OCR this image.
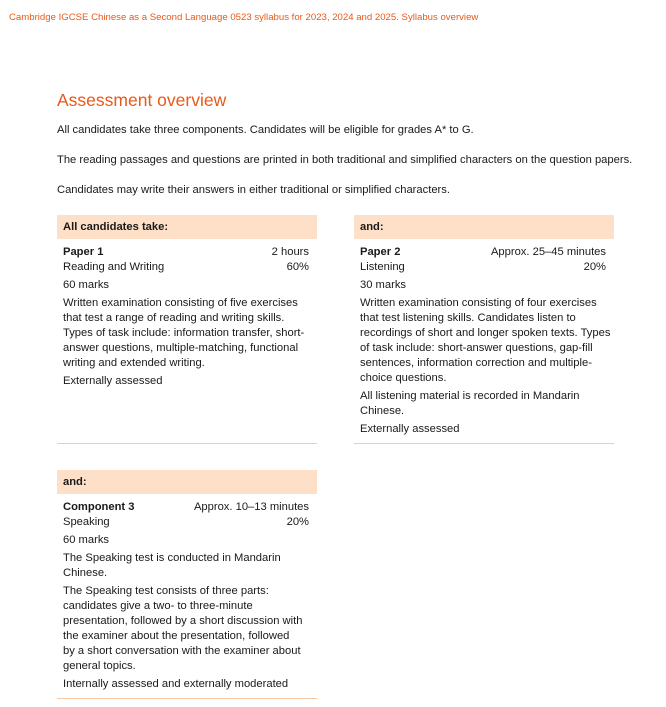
Cambridge IGCSE Chinese as a Second Language 0523 syllabus for 2023, 2024 and 2025. Syllabus overview
Assessment overview

All candidates take three components. Candidates will be eligible for grades A* to G.

The reading passages and questions are printed in both traditional and simplified characters on the question papers.

Candidates may write their answers in either traditional or simplified characters.

All candidates take:
Paper 1	2 hours
Reading and Writing	60%
60 marks
Written examination consisting of five exercises
that test a range of reading and writing skills.
Types of task include: information transfer, short-
answer questions, multiple-matching, functional
writing and extended writing.
Externally assessed
and:
Paper 2	Approx. 25–45 minutes
Listening	20%
30 marks
Written examination consisting of four exercises
that test listening skills. Candidates listen to
recordings of short and longer spoken texts. Types
of task include: short-answer questions, gap-fill
sentences, information correction and multiple-
choice questions.
All listening material is recorded in Mandarin
Chinese.
Externally assessed
and:
Component 3	Approx. 10–13 minutes
Speaking	20%
60 marks
The Speaking test is conducted in Mandarin
Chinese.
The Speaking test consists of three parts:
candidates give a two- to three-minute
presentation, followed by a short discussion with
the examiner about the presentation, followed
by a short conversation with the examiner about
general topics.
Internally assessed and externally moderated
